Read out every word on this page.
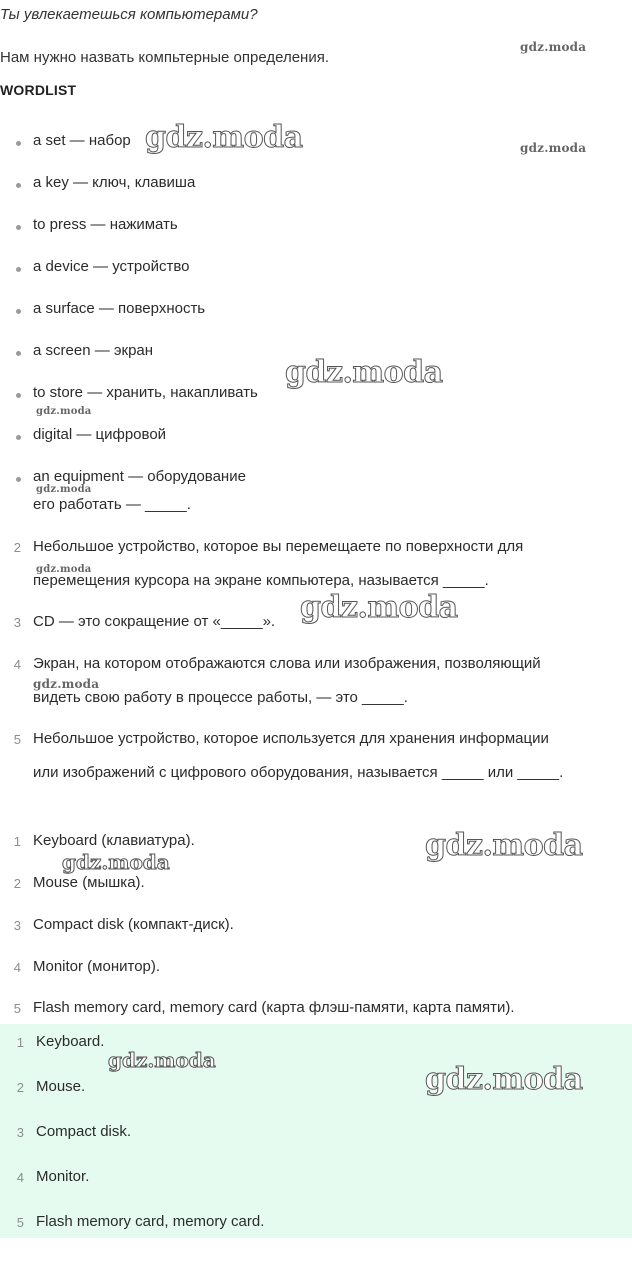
Ты увлекаетешься компьютерами?
Нам нужно назвать компьтерные определения.
WORDLIST
a set — набор
a key — ключ, клавиша
to press — нажимать
a device — устройство
a surface — поверхность
a screen — экран
to store — хранить, накапливать
digital — цифровой
an equipment — оборудование
его работать — _____.
2 Небольшое устройство, которое вы перемещаете по поверхности для
перемещения курсора на экране компьютера, называется _____.
3 CD — это сокращение от «_____».
4 Экран, на котором отображаются слова или изображения, позволяющий
видеть свою работу в процессе работы, — это _____.
5 Небольшое устройство, которое используется для хранения информации
или изображений с цифрового оборудования, называется _____ или _____.
1 Keyboard (клавиатура).
2 Mouse (мышка).
3 Compact disk (компакт-диск).
4 Monitor (монитор).
5 Flash memory card, memory card (карта флэш-памяти, карта памяти).
1 Keyboard.
2 Mouse.
3 Compact disk.
4 Monitor.
5 Flash memory card, memory card.
gdz.moda
gdz.moda	gdz.moda
gdz.moda
gdz.moda
gdz.moda
gdz.moda
gdz.moda
gdz.moda
gdz.moda
gdz.moda
gdz.moda
gdz.moda
